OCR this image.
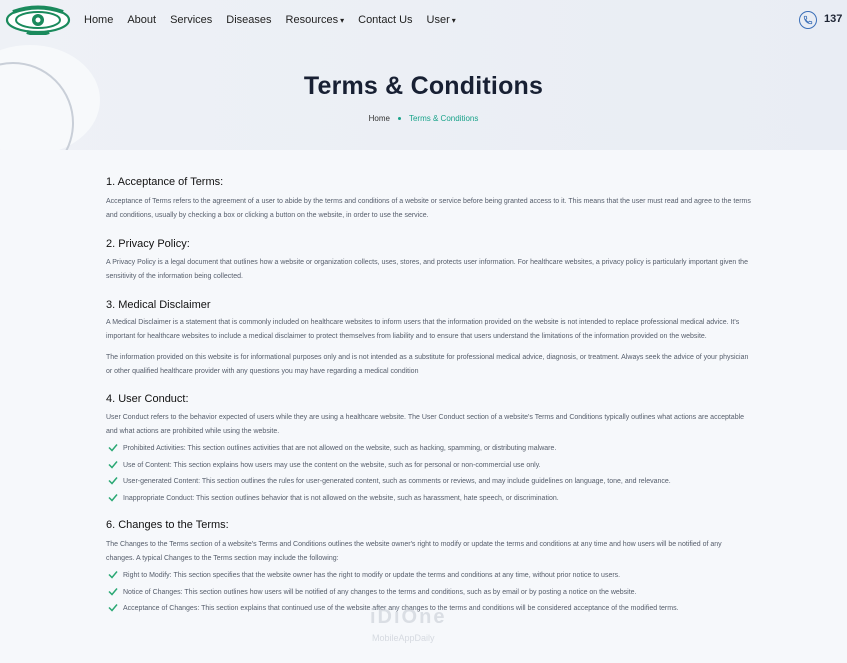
Home About Services Diseases Resources ▾ Contact Us User ▾	137
Terms & Conditions
Home Terms & Conditions
1. Acceptance of Terms:

Acceptance of Terms refers to the agreement of a user to abide by the terms and conditions of a website or service before being granted access to it. This means that the user must read and agree to the terms and conditions, usually by checking a box or clicking a button on the website, in order to use the service.

2. Privacy Policy:

A Privacy Policy is a legal document that outlines how a website or organization collects, uses, stores, and protects user information. For healthcare websites, a privacy policy is particularly important given the sensitivity of the information being collected.

3. Medical Disclaimer

A Medical Disclaimer is a statement that is commonly included on healthcare websites to inform users that the information provided on the website is not intended to replace professional medical advice. It's important for healthcare websites to include a medical disclaimer to protect themselves from liability and to ensure that users understand the limitations of the information provided on the website.

The information provided on this website is for informational purposes only and is not intended as a substitute for professional medical advice, diagnosis, or treatment. Always seek the advice of your physician or other qualified healthcare provider with any questions you may have regarding a medical condition

4. User Conduct:

User Conduct refers to the behavior expected of users while they are using a healthcare website. The User Conduct section of a website's Terms and Conditions typically outlines what actions are acceptable and what actions are prohibited while using the website.

Prohibited Activities: This section outlines activities that are not allowed on the website, such as hacking, spamming, or distributing malware.
Use of Content: This section explains how users may use the content on the website, such as for personal or non-commercial use only.
User-generated Content: This section outlines the rules for user-generated content, such as comments or reviews, and may include guidelines on language, tone, and relevance.
Inappropriate Conduct: This section outlines behavior that is not allowed on the website, such as harassment, hate speech, or discrimination.
6. Changes to the Terms:

The Changes to the Terms section of a website's Terms and Conditions outlines the website owner's right to modify or update the terms and conditions at any time and how users will be notified of any changes. A typical Changes to the Terms section may include the following:

Right to Modify: This section specifies that the website owner has the right to modify or update the terms and conditions at any time, without prior notice to users.
Notice of Changes: This section outlines how users will be notified of any changes to the terms and conditions, such as by email or by posting a notice on the website.
Acceptance of Changes: This section explains that continued use of the website after any changes to the terms and conditions will be considered acceptance of the modified terms.
iDiOne
MobileAppDaily
